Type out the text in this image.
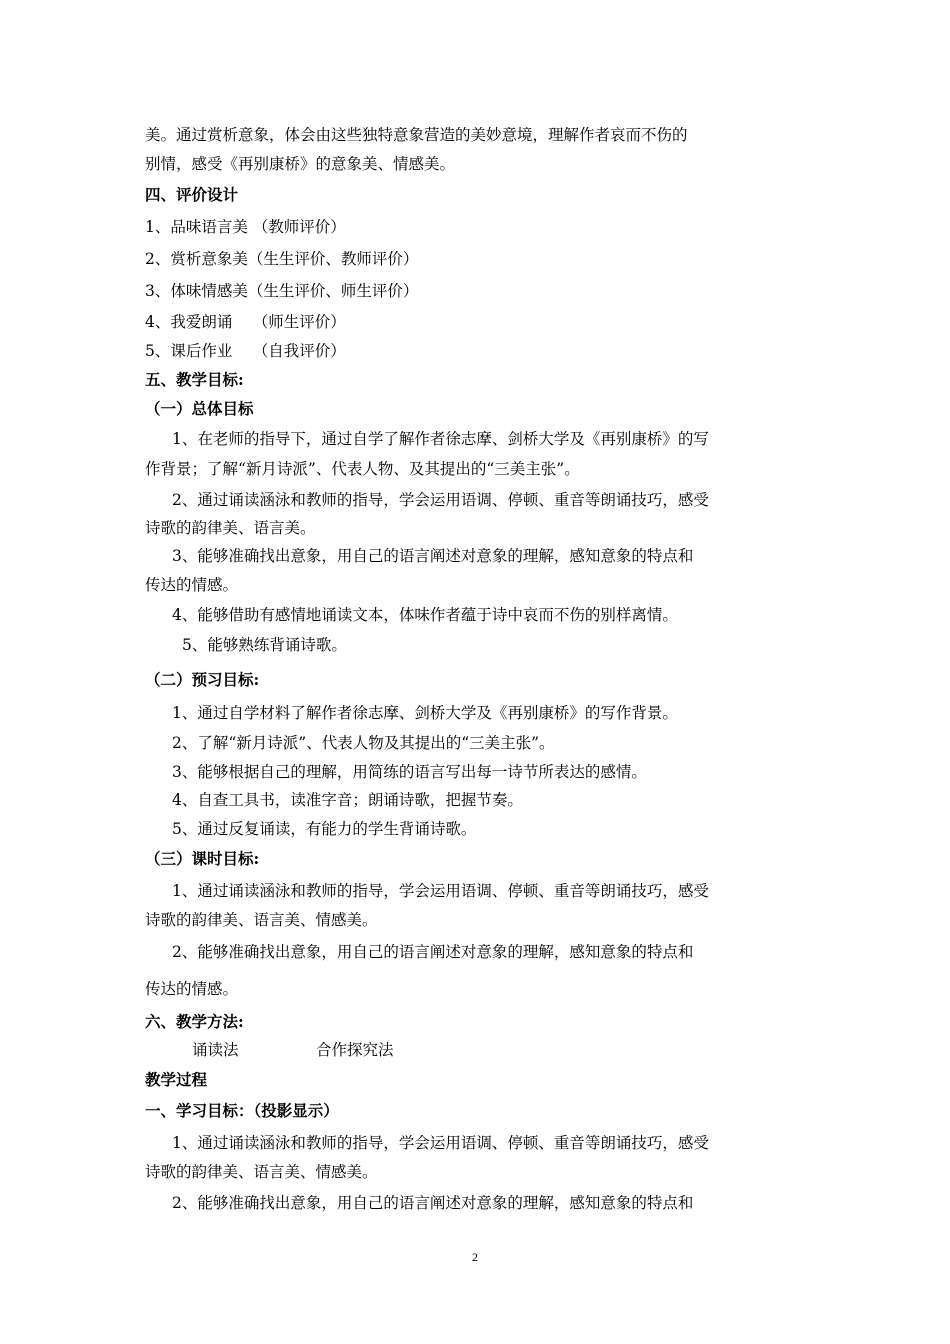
美。通过赏析意象，体会由这些独特意象营造的美妙意境，理解作者哀而不伤的
别情，感受《再别康桥》的意象美、情感美。
四、评价设计
1、品味语言美 （教师评价）
2、赏析意象美（生生评价、教师评价）
3、体味情感美（生生评价、师生评价）
4、我爱朗诵　 （师生评价）
5、课后作业　 （自我评价）
五、教学目标:
（一）总体目标
1、在老师的指导下，通过自学了解作者徐志摩、剑桥大学及《再别康桥》的写
作背景；了解“新月诗派”、代表人物、及其提出的“三美主张”。
2、通过诵读涵泳和教师的指导，学会运用语调、停顿、重音等朗诵技巧，感受
诗歌的韵律美、语言美。
3、能够准确找出意象，用自己的语言阐述对意象的理解，感知意象的特点和
传达的情感。
4、能够借助有感情地诵读文本，体味作者蕴于诗中哀而不伤的别样离情。
5、能够熟练背诵诗歌。
（二）预习目标:
1、通过自学材料了解作者徐志摩、剑桥大学及《再别康桥》的写作背景。
2、了解“新月诗派”、代表人物及其提出的“三美主张”。
3、能够根据自己的理解，用简练的语言写出每一诗节所表达的感情。
4、自查工具书，读准字音；朗诵诗歌，把握节奏。
5、通过反复诵读，有能力的学生背诵诗歌。
（三）课时目标:
1、通过诵读涵泳和教师的指导，学会运用语调、停顿、重音等朗诵技巧，感受
诗歌的韵律美、语言美、情感美。
2、能够准确找出意象，用自己的语言阐述对意象的理解，感知意象的特点和
传达的情感。
六、教学方法:
诵读法　　　　　合作探究法
教学过程
一、学习目标：（投影显示）
1、通过诵读涵泳和教师的指导，学会运用语调、停顿、重音等朗诵技巧，感受
诗歌的韵律美、语言美、情感美。
2、能够准确找出意象，用自己的语言阐述对意象的理解，感知意象的特点和
2
